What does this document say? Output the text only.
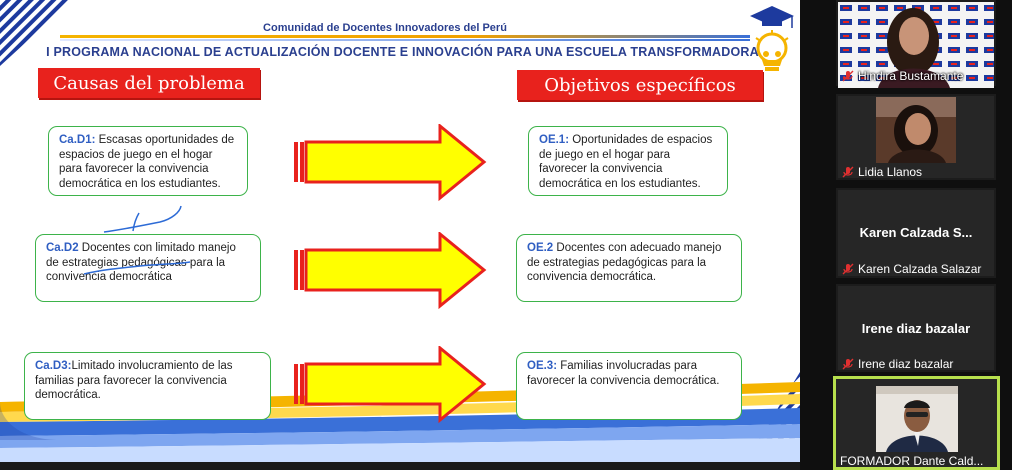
Comunidad de Docentes Innovadores del Perú
I PROGRAMA NACIONAL DE ACTUALIZACIÓN DOCENTE E INNOVACIÓN PARA UNA ESCUELA TRANSFORMADORA
Causas del problema	Objetivos específicos
Ca.D1: Escasas oportunidades de espacios de juego en el hogar para favorecer la convivencia democrática en los estudiantes.
Ca.D2 Docentes con limitado manejo de estrategias pedagógicas para la convivencia democrática
Ca.D3:Limitado involucramiento de las familias para favorecer la convivencia democrática.
OE.1: Oportunidades de espacios de juego en el hogar para favorecer la convivencia democrática en los estudiantes.
OE.2 Docentes con adecuado manejo de estrategias pedagógicas para la convivencia democrática.
OE.3: Familias involucradas para favorecer la convivencia democrática.
Hindira Bustamante
Lidia Llanos
Karen Calzada S...
Karen Calzada Salazar
Irene diaz bazalar
Irene diaz bazalar
FORMADOR Dante Cald...
